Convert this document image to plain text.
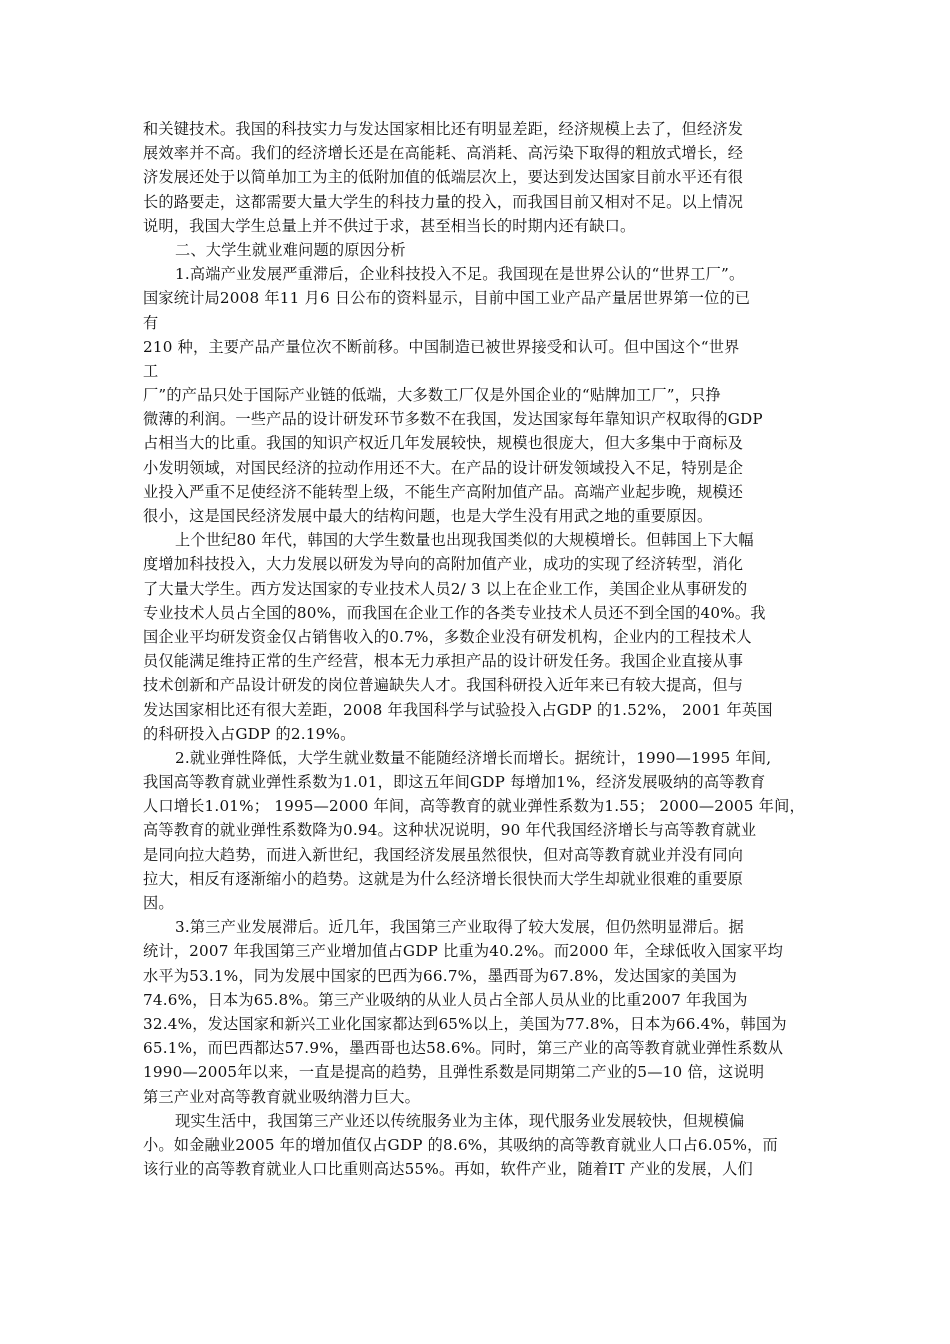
和关键技术。我国的科技实力与发达国家相比还有明显差距，经济规模上去了，但经济发
展效率并不高。我们的经济增长还是在高能耗、高消耗、高污染下取得的粗放式增长，经
济发展还处于以简单加工为主的低附加值的低端层次上，要达到发达国家目前水平还有很
长的路要走，这都需要大量大学生的科技力量的投入，而我国目前又相对不足。以上情况
说明，我国大学生总量上并不供过于求，甚至相当长的时期内还有缺口。
二、大学生就业难问题的原因分析
1.高端产业发展严重滞后，企业科技投入不足。我国现在是世界公认的“世界工厂”。
国家统计局2008 年11 月6 日公布的资料显示，目前中国工业产品产量居世界第一位的已
有
210 种，主要产品产量位次不断前移。中国制造已被世界接受和认可。但中国这个“世界
工
厂”的产品只处于国际产业链的低端，大多数工厂仅是外国企业的“贴牌加工厂”，只挣
微薄的利润。一些产品的设计研发环节多数不在我国，发达国家每年靠知识产权取得的GDP
占相当大的比重。我国的知识产权近几年发展较快，规模也很庞大，但大多集中于商标及
小发明领域，对国民经济的拉动作用还不大。在产品的设计研发领域投入不足，特别是企
业投入严重不足使经济不能转型上级，不能生产高附加值产品。高端产业起步晚，规模还
很小，这是国民经济发展中最大的结构问题，也是大学生没有用武之地的重要原因。
上个世纪80 年代，韩国的大学生数量也出现我国类似的大规模增长。但韩国上下大幅
度增加科技投入，大力发展以研发为导向的高附加值产业，成功的实现了经济转型，消化
了大量大学生。西方发达国家的专业技术人员2/ 3 以上在企业工作，美国企业从事研发的
专业技术人员占全国的80%，而我国在企业工作的各类专业技术人员还不到全国的40%。我
国企业平均研发资金仅占销售收入的0.7%，多数企业没有研发机构，企业内的工程技术人
员仅能满足维持正常的生产经营，根本无力承担产品的设计研发任务。我国企业直接从事
技术创新和产品设计研发的岗位普遍缺失人才。我国科研投入近年来已有较大提高，但与
发达国家相比还有很大差距，2008 年我国科学与试验投入占GDP 的1.52%， 2001 年英国
的科研投入占GDP 的2.19%。
2.就业弹性降低，大学生就业数量不能随经济增长而增长。据统计，1990—1995 年间,
我国高等教育就业弹性系数为1.01，即这五年间GDP 每增加1%，经济发展吸纳的高等教育
人口增长1.01%； 1995—2000 年间，高等教育的就业弹性系数为1.55； 2000—2005 年间，
高等教育的就业弹性系数降为0.94。这种状况说明，90 年代我国经济增长与高等教育就业
是同向拉大趋势，而进入新世纪，我国经济发展虽然很快，但对高等教育就业并没有同向
拉大，相反有逐渐缩小的趋势。这就是为什么经济增长很快而大学生却就业很难的重要原
因。
3.第三产业发展滞后。近几年，我国第三产业取得了较大发展，但仍然明显滞后。据
统计，2007 年我国第三产业增加值占GDP 比重为40.2%。而2000 年，全球低收入国家平均
水平为53.1%，同为发展中国家的巴西为66.7%，墨西哥为67.8%，发达国家的美国为
74.6%，日本为65.8%。第三产业吸纳的从业人员占全部人员从业的比重2007 年我国为
32.4%，发达国家和新兴工业化国家都达到65%以上，美国为77.8%，日本为66.4%，韩国为
65.1%，而巴西都达57.9%，墨西哥也达58.6%。同时，第三产业的高等教育就业弹性系数从
1990—2005年以来，一直是提高的趋势，且弹性系数是同期第二产业的5—10 倍，这说明
第三产业对高等教育就业吸纳潜力巨大。
现实生活中，我国第三产业还以传统服务业为主体，现代服务业发展较快，但规模偏
小。如金融业2005 年的增加值仅占GDP 的8.6%，其吸纳的高等教育就业人口占6.05%，而
该行业的高等教育就业人口比重则高达55%。再如，软件产业，随着IT 产业的发展，人们
